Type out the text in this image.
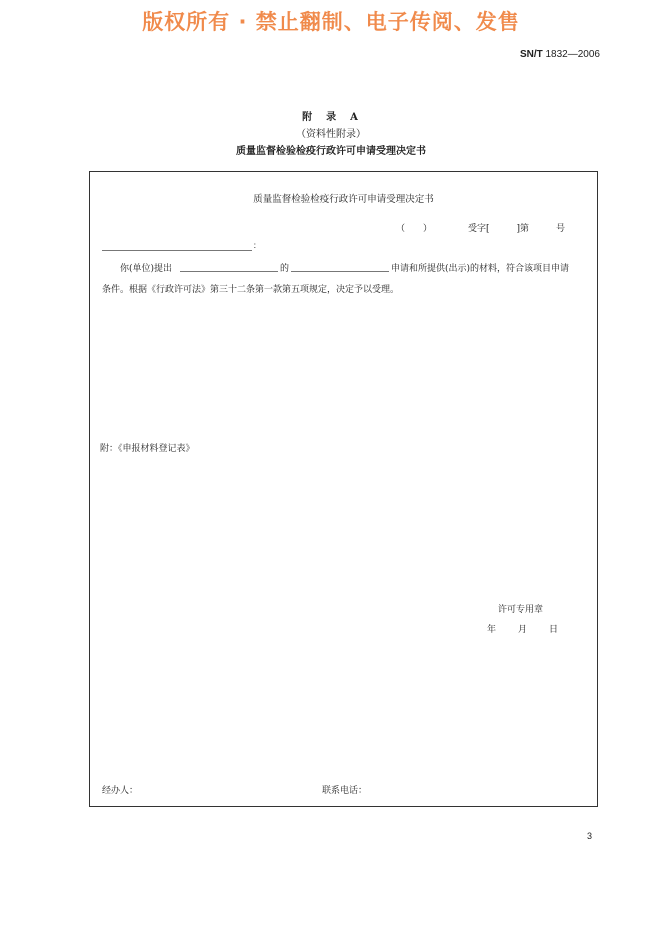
版权所有 · 禁止翻制、电子传阅、发售
SN/T 1832—2006
附　录　A
（资料性附录）
质量监督检验检疫行政许可申请受理决定书
质量监督检验检疫行政许可申请受理决定书
（　　）	受字[　　　]第　　　号
：
你(单位)提出	的	申请和所提供(出示)的材料，符合该项目申请
条件。根据《行政许可法》第三十二条第一款第五项规定，决定予以受理。
附：《申报材料登记表》
许可专用章
年 月 日
经办人：	联系电话：
3
